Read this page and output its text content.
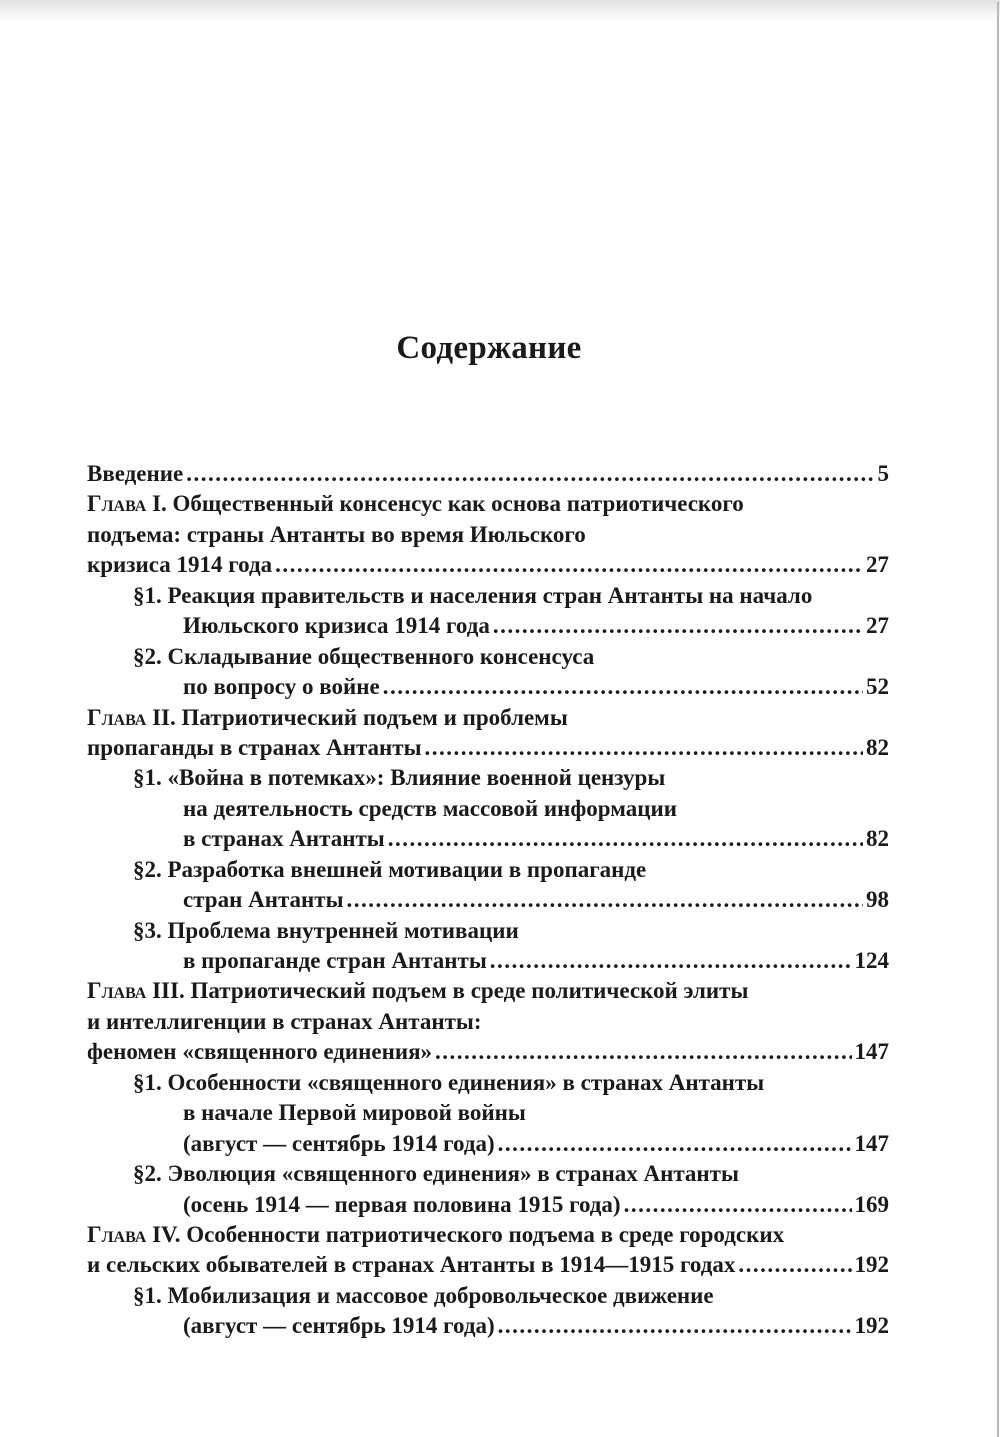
Содержание
Введение .....	5
Глава I. Общественный консенсус как основа патриотического
подъема: страны Антанты во время Июльского
кризиса 1914 года .....	27
§1. Реакция правительств и населения стран Антанты на начало
Июльского кризиса 1914 года .....	27
§2. Складывание общественного консенсуса
по вопросу о войне .....	52
Глава II. Патриотический подъем и проблемы
пропаганды в странах Антанты .....	82
§1. «Война в потемках»: Влияние военной цензуры
на деятельность средств массовой информации
в странах Антанты .....	82
§2. Разработка внешней мотивации в пропаганде
стран Антанты .....	98
§3. Проблема внутренней мотивации
в пропаганде стран Антанты .....	124
Глава III. Патриотический подъем в среде политической элиты
и интеллигенции в странах Антанты:
феномен «священного единения» .....	147
§1. Особенности «священного единения» в странах Антанты
в начале Первой мировой войны
(август — сентябрь 1914 года) .....	147
§2. Эволюция «священного единения» в странах Антанты
(осень 1914 — первая половина 1915 года) .....	169
Глава IV. Особенности патриотического подъема в среде городских
и сельских обывателей в странах Антанты в 1914—1915 годах .....	192
§1. Мобилизация и массовое добровольческое движение
(август — сентябрь 1914 года) .....	192
